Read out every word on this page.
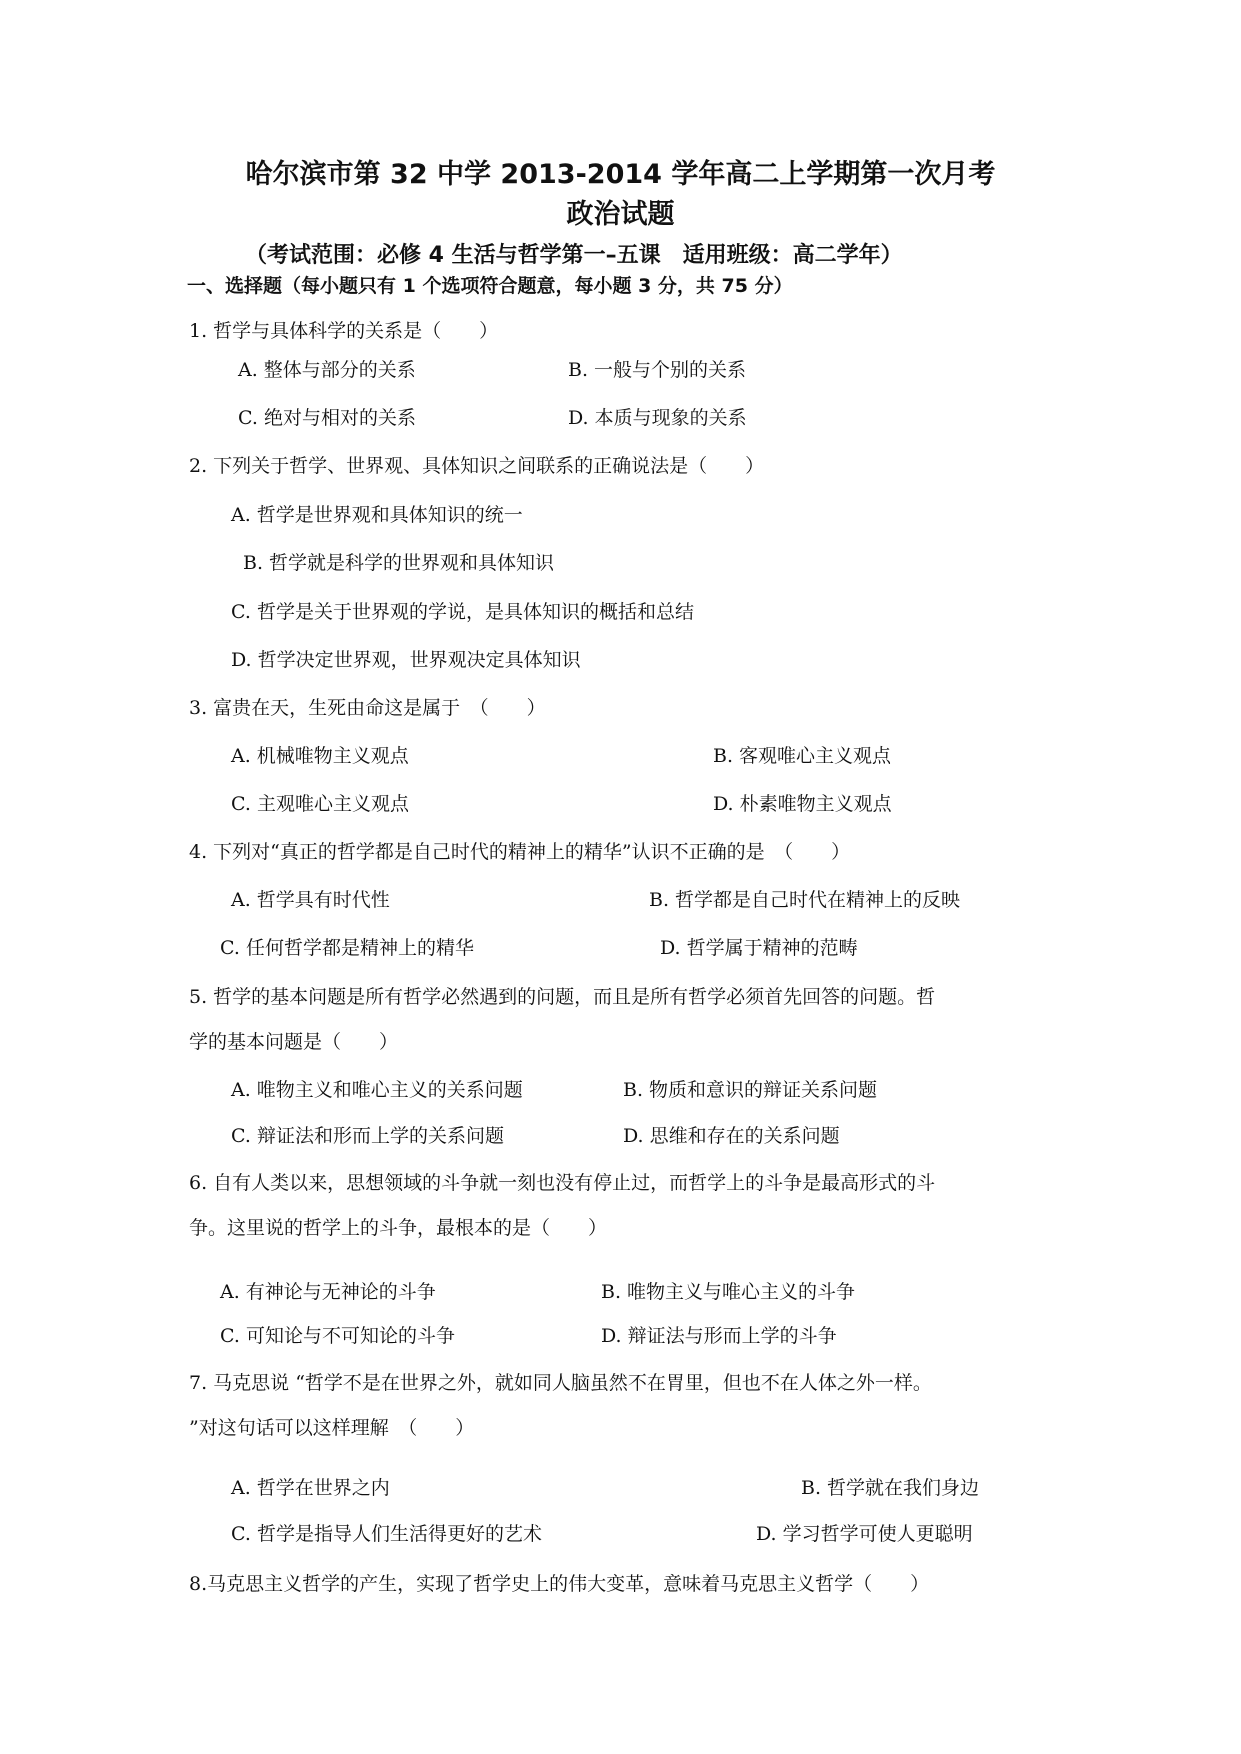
哈尔滨市第 32 中学 2013-2014 学年高二上学期第一次月考
政治试题
（考试范围：必修 4 生活与哲学第一–五课　适用班级：高二学年）
一、选择题（每小题只有 1 个选项符合题意，每小题 3 分，共 75 分）
1. 哲学与具体科学的关系是（　　）
A. 整体与部分的关系	B. 一般与个别的关系
C. 绝对与相对的关系	D. 本质与现象的关系
2. 下列关于哲学、世界观、具体知识之间联系的正确说法是（　　）
A. 哲学是世界观和具体知识的统一
B. 哲学就是科学的世界观和具体知识
C. 哲学是关于世界观的学说，是具体知识的概括和总结
D. 哲学决定世界观，世界观决定具体知识
3. 富贵在天，生死由命这是属于　（　　）
A. 机械唯物主义观点	B. 客观唯心主义观点
C. 主观唯心主义观点	D. 朴素唯物主义观点
4. 下列对“真正的哲学都是自己时代的精神上的精华”认识不正确的是　（　　）
A. 哲学具有时代性	B. 哲学都是自己时代在精神上的反映
C. 任何哲学都是精神上的精华	D. 哲学属于精神的范畴
5. 哲学的基本问题是所有哲学必然遇到的问题，而且是所有哲学必须首先回答的问题。哲
学的基本问题是（　　）
A. 唯物主义和唯心主义的关系问题	B. 物质和意识的辩证关系问题
C. 辩证法和形而上学的关系问题	D. 思维和存在的关系问题
6. 自有人类以来，思想领域的斗争就一刻也没有停止过，而哲学上的斗争是最高形式的斗
争。这里说的哲学上的斗争，最根本的是（　　）
A. 有神论与无神论的斗争	B. 唯物主义与唯心主义的斗争
C. 可知论与不可知论的斗争	D. 辩证法与形而上学的斗争
7. 马克思说 “哲学不是在世界之外，就如同人脑虽然不在胃里，但也不在人体之外一样。
”对这句话可以这样理解　（　　）
A. 哲学在世界之内	B. 哲学就在我们身边
C. 哲学是指导人们生活得更好的艺术	D. 学习哲学可使人更聪明
8.马克思主义哲学的产生，实现了哲学史上的伟大变革，意味着马克思主义哲学（　　）
